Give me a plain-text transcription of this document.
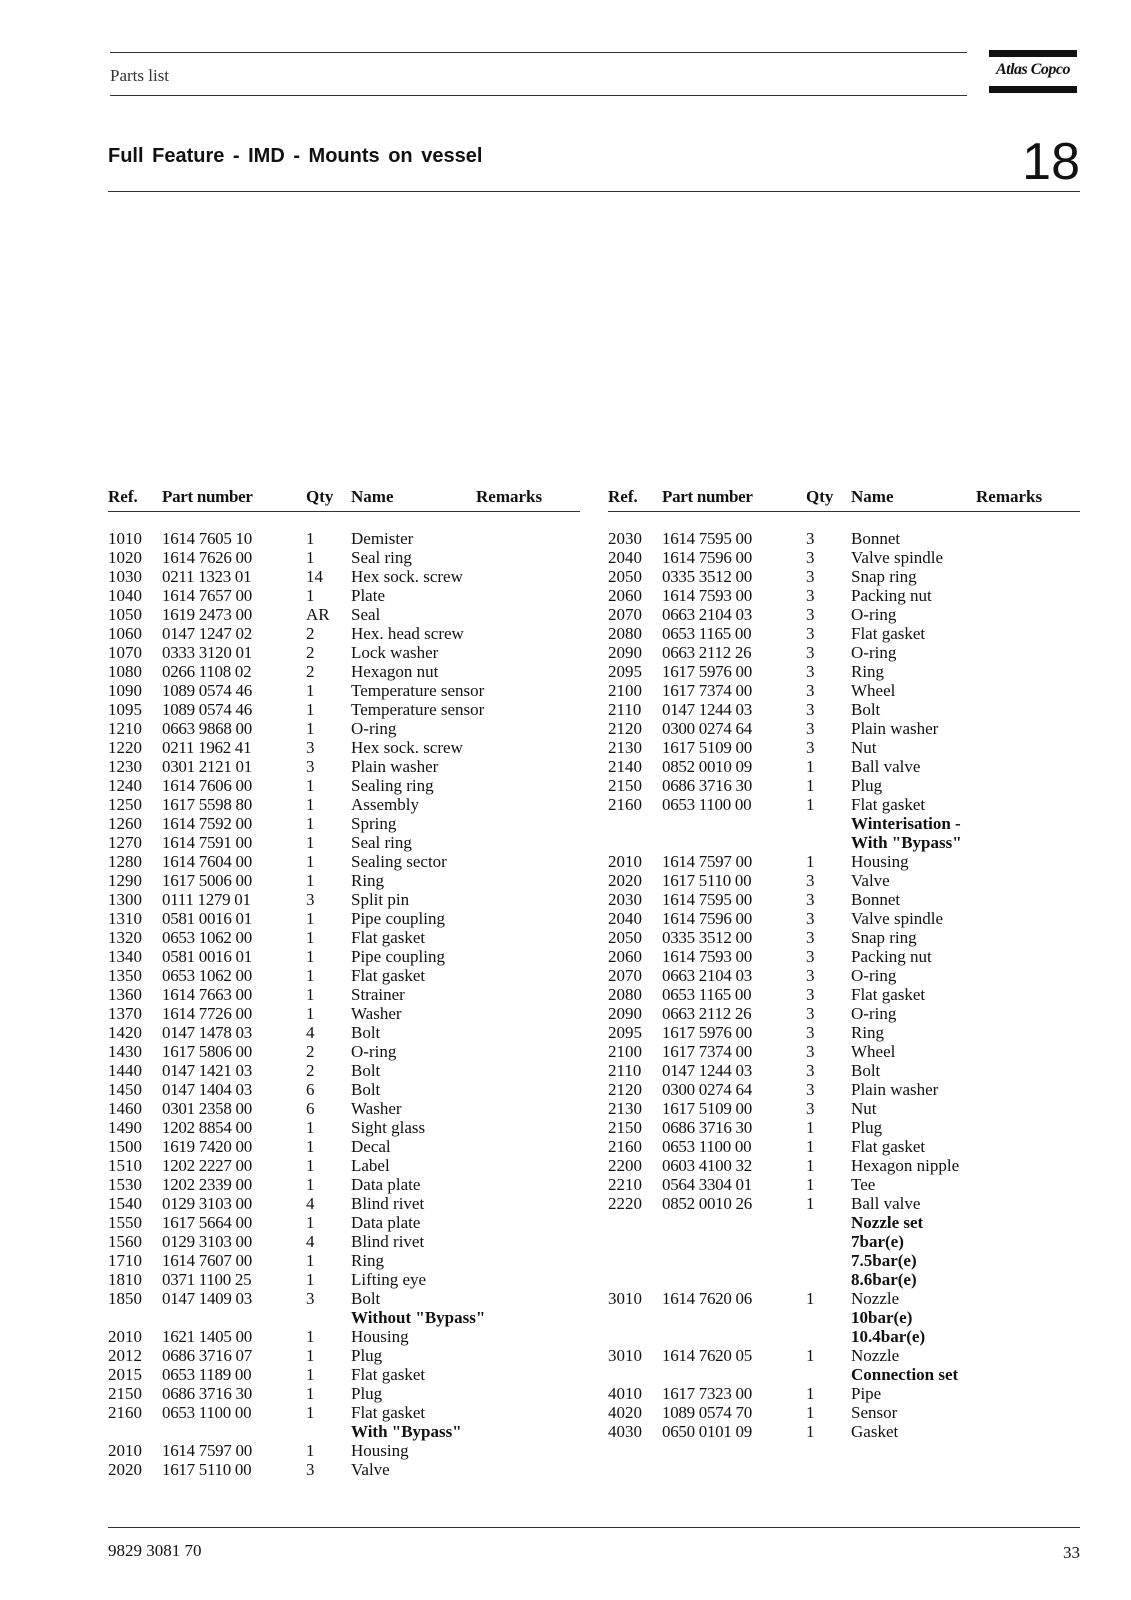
Parts list	Atlas Copco
Full Feature - IMD - Mounts on vessel	18
Ref. Part number	Qty Name	Remarks
1010 1614 7605 10	1 Demister
1020 1614 7626 00	1 Seal ring
1030 0211 1323 01	14 Hex sock. screw
1040 1614 7657 00	1 Plate
1050 1619 2473 00	AR Seal
1060 0147 1247 02	2 Hex. head screw
1070 0333 3120 01	2 Lock washer
1080 0266 1108 02	2 Hexagon nut
1090 1089 0574 46	1 Temperature sensor
1095 1089 0574 46	1 Temperature sensor
1210 0663 9868 00	1 O-ring
1220 0211 1962 41	3 Hex sock. screw
1230 0301 2121 01	3 Plain washer
1240 1614 7606 00	1 Sealing ring
1250 1617 5598 80	1 Assembly
1260 1614 7592 00	1 Spring
1270 1614 7591 00	1 Seal ring
1280 1614 7604 00	1 Sealing sector
1290 1617 5006 00	1 Ring
1300 0111 1279 01	3 Split pin
1310 0581 0016 01	1 Pipe coupling
1320 0653 1062 00	1 Flat gasket
1340 0581 0016 01	1 Pipe coupling
1350 0653 1062 00	1 Flat gasket
1360 1614 7663 00	1 Strainer
1370 1614 7726 00	1 Washer
1420 0147 1478 03	4 Bolt
1430 1617 5806 00	2 O-ring
1440 0147 1421 03	2 Bolt
1450 0147 1404 03	6 Bolt
1460 0301 2358 00	6 Washer
1490 1202 8854 00	1 Sight glass
1500 1619 7420 00	1 Decal
1510 1202 2227 00	1 Label
1530 1202 2339 00	1 Data plate
1540 0129 3103 00	4 Blind rivet
1550 1617 5664 00	1 Data plate
1560 0129 3103 00	4 Blind rivet
1710 1614 7607 00	1 Ring
1810 0371 1100 25	1 Lifting eye
1850 0147 1409 03	3 Bolt
Without "Bypass"
2010 1621 1405 00	1 Housing
2012 0686 3716 07	1 Plug
2015 0653 1189 00	1 Flat gasket
2150 0686 3716 30	1 Plug
2160 0653 1100 00	1 Flat gasket
With "Bypass"
2010 1614 7597 00	1 Housing
2020 1617 5110 00	3 Valve
Ref. Part number	Qty Name	Remarks
2030 1614 7595 00	3 Bonnet
2040 1614 7596 00	3 Valve spindle
2050 0335 3512 00	3 Snap ring
2060 1614 7593 00	3 Packing nut
2070 0663 2104 03	3 O-ring
2080 0653 1165 00	3 Flat gasket
2090 0663 2112 26	3 O-ring
2095 1617 5976 00	3 Ring
2100 1617 7374 00	3 Wheel
2110 0147 1244 03	3 Bolt
2120 0300 0274 64	3 Plain washer
2130 1617 5109 00	3 Nut
2140 0852 0010 09	1 Ball valve
2150 0686 3716 30	1 Plug
2160 0653 1100 00	1 Flat gasket
Winterisation -
With "Bypass"
2010 1614 7597 00	1 Housing
2020 1617 5110 00	3 Valve
2030 1614 7595 00	3 Bonnet
2040 1614 7596 00	3 Valve spindle
2050 0335 3512 00	3 Snap ring
2060 1614 7593 00	3 Packing nut
2070 0663 2104 03	3 O-ring
2080 0653 1165 00	3 Flat gasket
2090 0663 2112 26	3 O-ring
2095 1617 5976 00	3 Ring
2100 1617 7374 00	3 Wheel
2110 0147 1244 03	3 Bolt
2120 0300 0274 64	3 Plain washer
2130 1617 5109 00	3 Nut
2150 0686 3716 30	1 Plug
2160 0653 1100 00	1 Flat gasket
2200 0603 4100 32	1 Hexagon nipple
2210 0564 3304 01	1 Tee
2220 0852 0010 26	1 Ball valve
Nozzle set
7bar(e)
7.5bar(e)
8.6bar(e)
3010 1614 7620 06	1 Nozzle
10bar(e)
10.4bar(e)
3010 1614 7620 05	1 Nozzle
Connection set
4010 1617 7323 00	1 Pipe
4020 1089 0574 70	1 Sensor
4030 0650 0101 09	1 Gasket
9829 3081 70	33
